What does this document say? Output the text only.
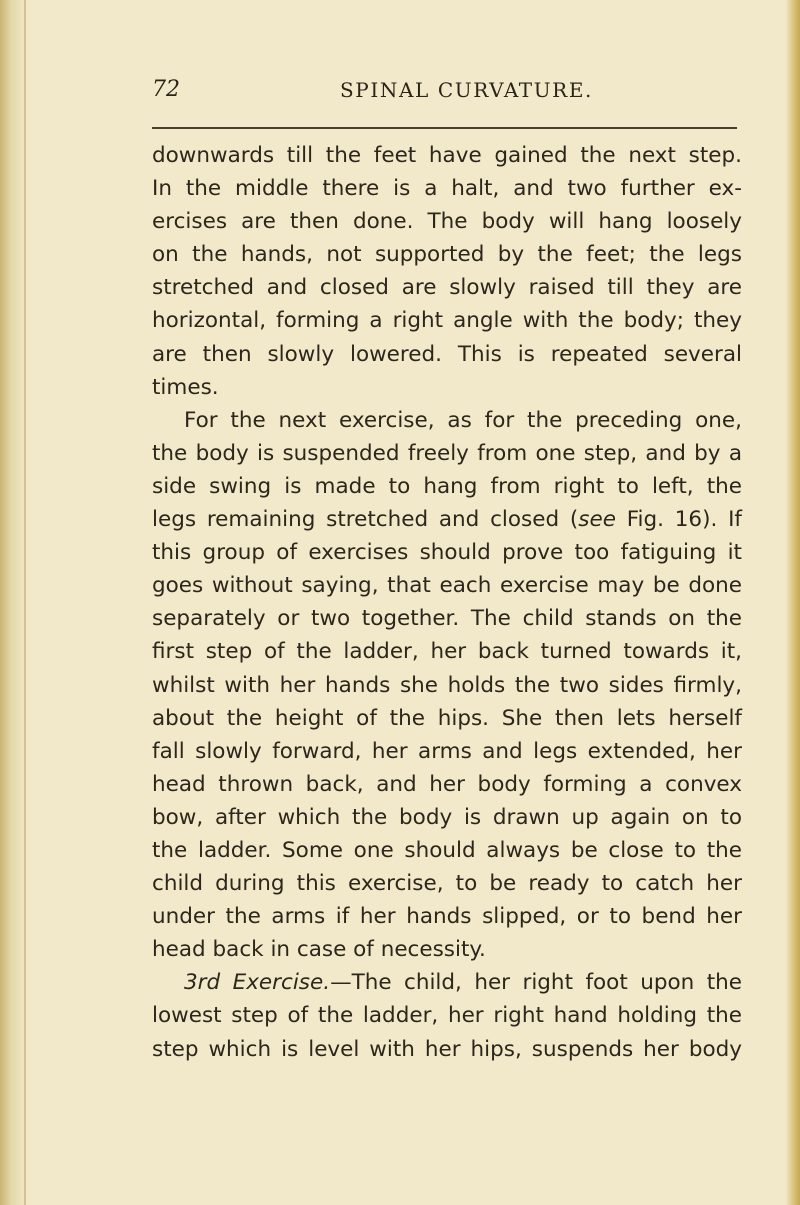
72	SPINAL CURVATURE.
downwards till the feet have gained the next step.
In the middle there is a halt, and two further ex-
ercises are then done. The body will hang loosely
on the hands, not supported by the feet; the legs
stretched and closed are slowly raised till they are
horizontal, forming a right angle with the body; they
are then slowly lowered. This is repeated several
times.
For the next exercise, as for the preceding one,
the body is suspended freely from one step, and by a
side swing is made to hang from right to left, the
legs remaining stretched and closed (see Fig. 16). If
this group of exercises should prove too fatiguing it
goes without saying, that each exercise may be done
separately or two together. The child stands on the
first step of the ladder, her back turned towards it,
whilst with her hands she holds the two sides firmly,
about the height of the hips. She then lets herself
fall slowly forward, her arms and legs extended, her
head thrown back, and her body forming a convex
bow, after which the body is drawn up again on to
the ladder. Some one should always be close to the
child during this exercise, to be ready to catch her
under the arms if her hands slipped, or to bend her
head back in case of necessity.
3rd Exercise.—The child, her right foot upon the
lowest step of the ladder, her right hand holding the
step which is level with her hips, suspends her body
